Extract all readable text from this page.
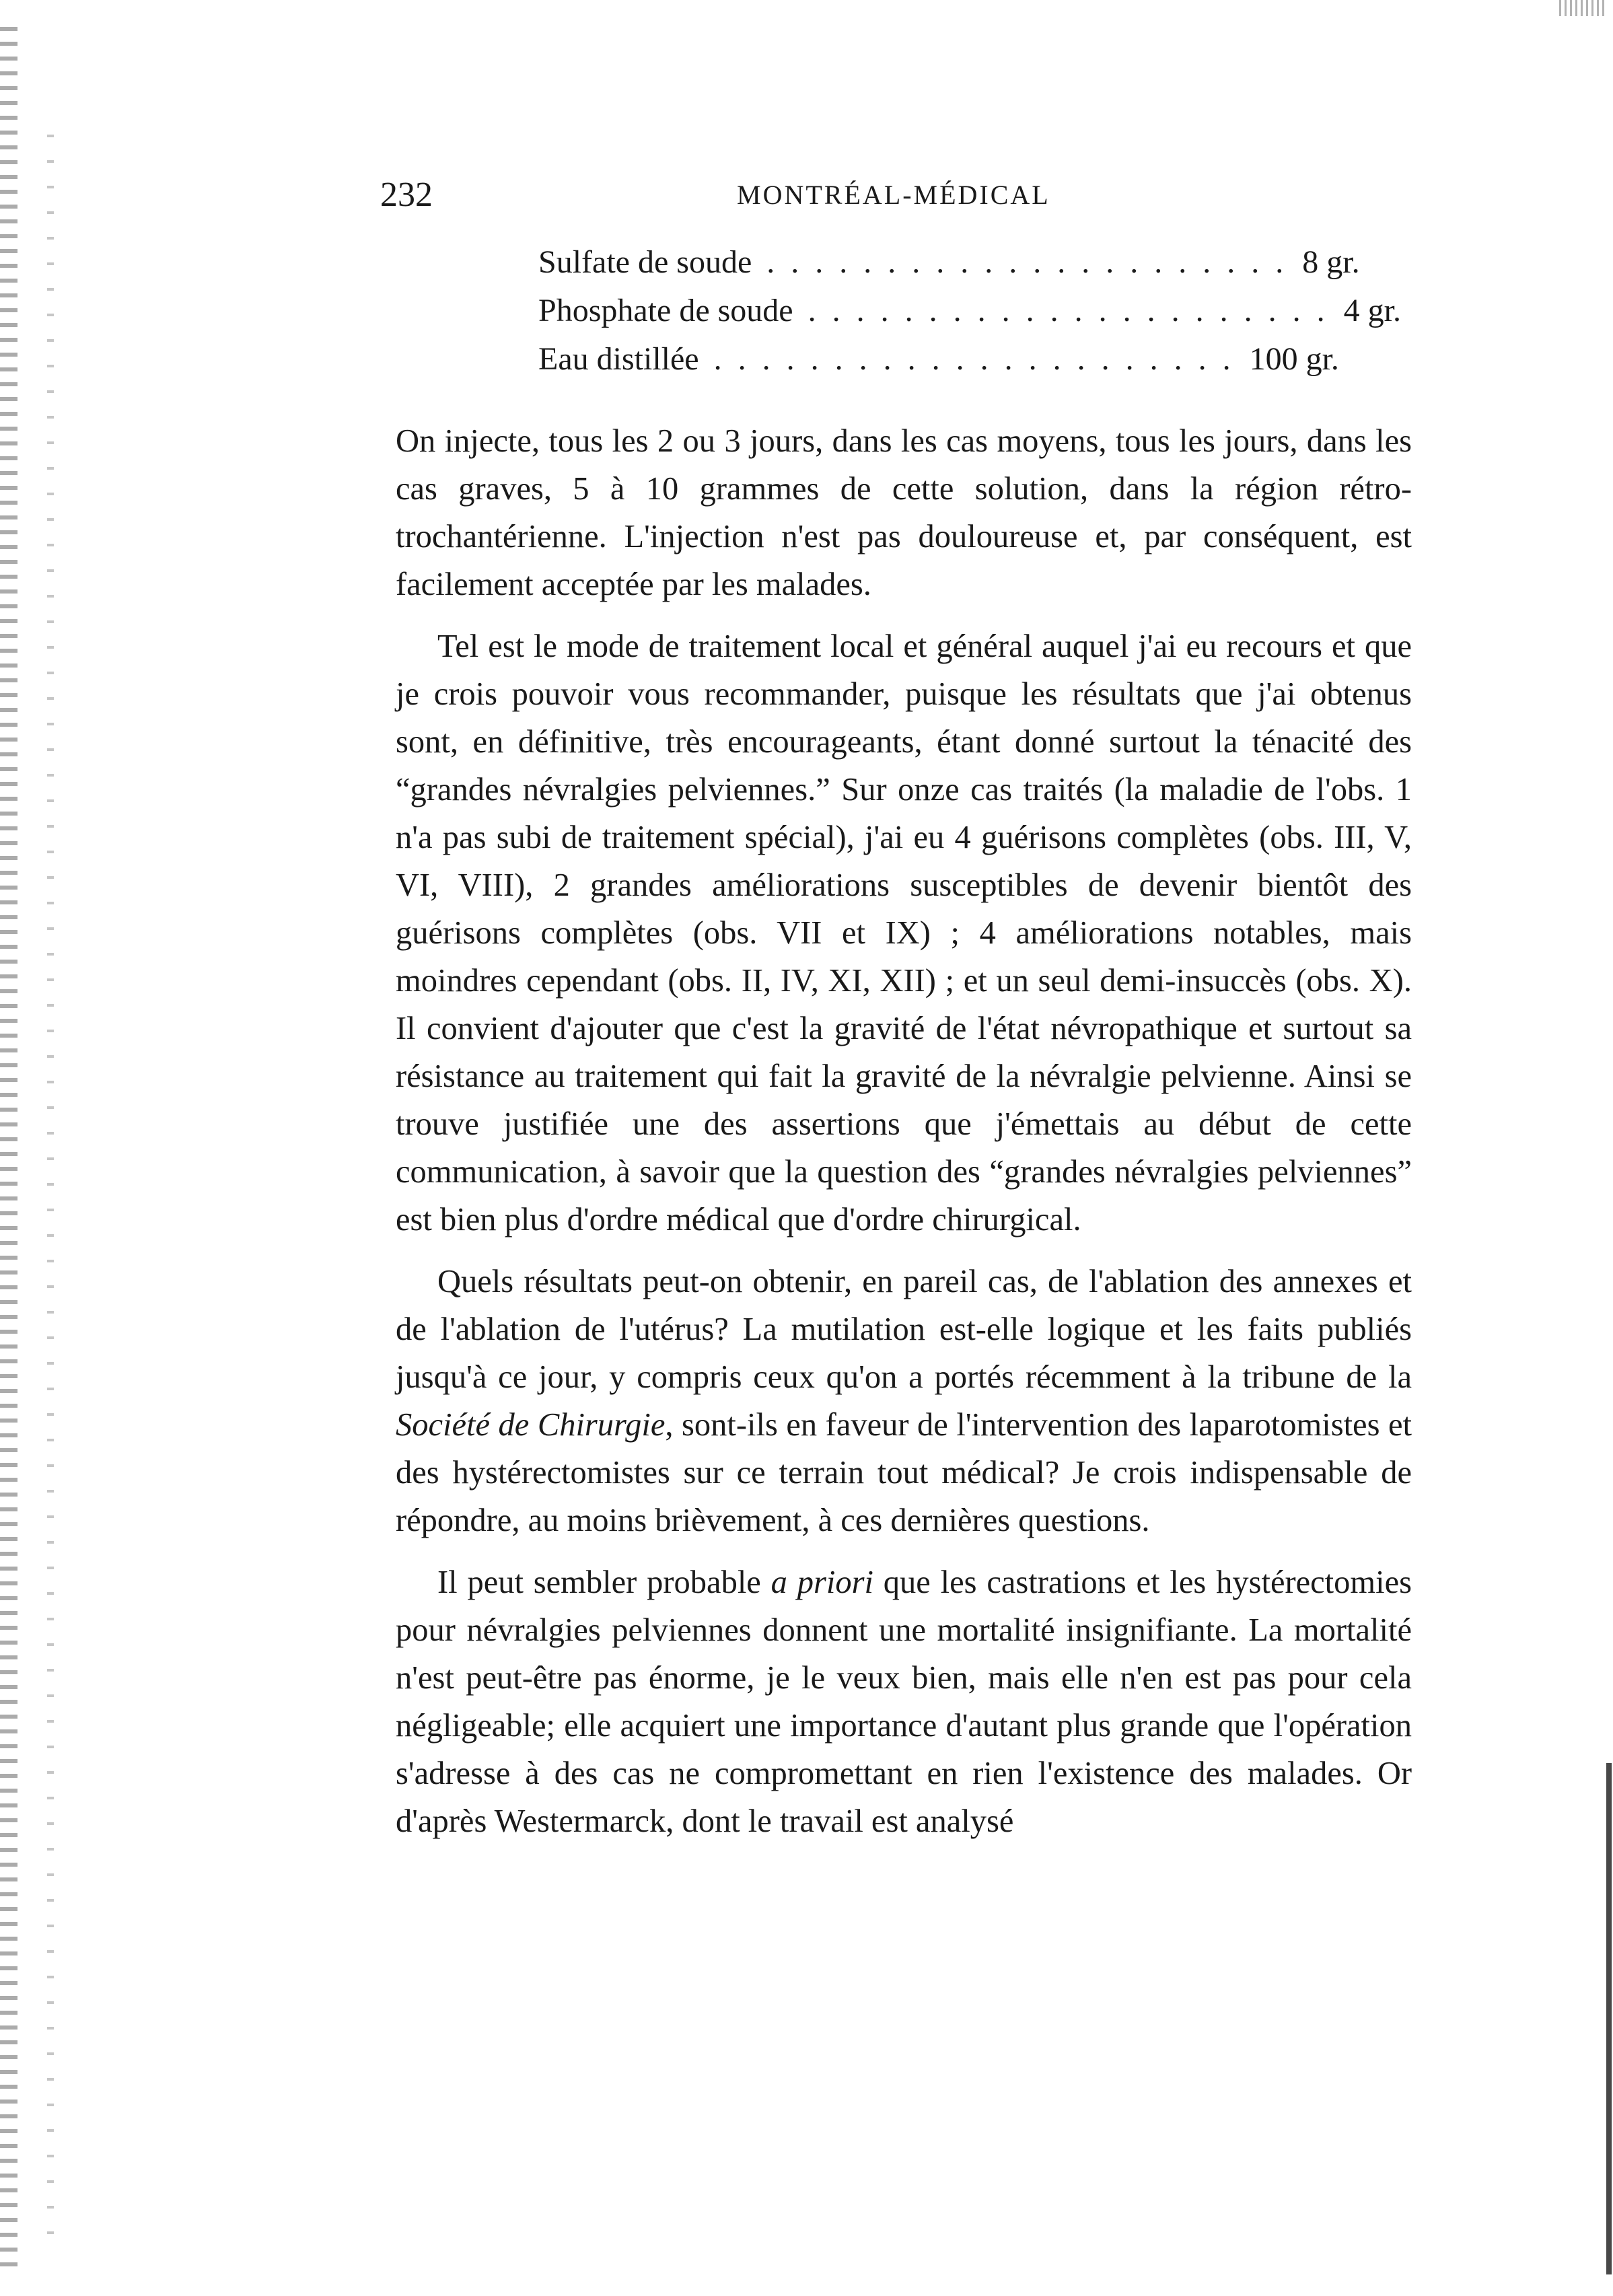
232	MONTRÉAL-MÉDICAL
Sulfate de soude . . . . . . . . . . . . . . . . . . . . . . 8 gr.
Phosphate de soude . . . . . . . . . . . . . . . . . . . . . . 4 gr.
Eau distillée . . . . . . . . . . . . . . . . . . . . . . 100 gr.

On injecte, tous les 2 ou 3 jours, dans les cas moyens, tous les jours, dans les cas graves, 5 à 10 grammes de cette solution, dans la région rétro-trochantérienne. L'injection n'est pas douloureuse et, par conséquent, est facilement acceptée par les malades.

Tel est le mode de traitement local et général auquel j'ai eu recours et que je crois pouvoir vous recommander, puisque les résultats que j'ai obtenus sont, en définitive, très encourageants, étant donné surtout la ténacité des “grandes névralgies pelviennes.” Sur onze cas traités (la maladie de l'obs. 1 n'a pas subi de traitement spécial), j'ai eu 4 guérisons complètes (obs. III, V, VI, VIII), 2 grandes améliorations susceptibles de devenir bientôt des guérisons complètes (obs. VII et IX) ; 4 améliorations notables, mais moindres cependant (obs. II, IV, XI, XII) ; et un seul demi-insuccès (obs. X). Il convient d'ajouter que c'est la gravité de l'état névropathique et surtout sa résistance au traitement qui fait la gravité de la névralgie pelvienne. Ainsi se trouve justifiée une des assertions que j'émettais au début de cette communication, à savoir que la question des “grandes névralgies pelviennes” est bien plus d'ordre médical que d'ordre chirurgical.

Quels résultats peut-on obtenir, en pareil cas, de l'ablation des annexes et de l'ablation de l'utérus? La mutilation est-elle logique et les faits publiés jusqu'à ce jour, y compris ceux qu'on a portés récemment à la tribune de la Société de Chirurgie, sont-ils en faveur de l'intervention des laparotomistes et des hystérectomistes sur ce terrain tout médical? Je crois indispensable de répondre, au moins brièvement, à ces dernières questions.

Il peut sembler probable a priori que les castrations et les hystérectomies pour névralgies pelviennes donnent une mortalité insignifiante. La mortalité n'est peut-être pas énorme, je le veux bien, mais elle n'en est pas pour cela négligeable; elle acquiert une importance d'autant plus grande que l'opération s'adresse à des cas ne compromettant en rien l'existence des malades. Or d'après Westermarck, dont le travail est analysé
